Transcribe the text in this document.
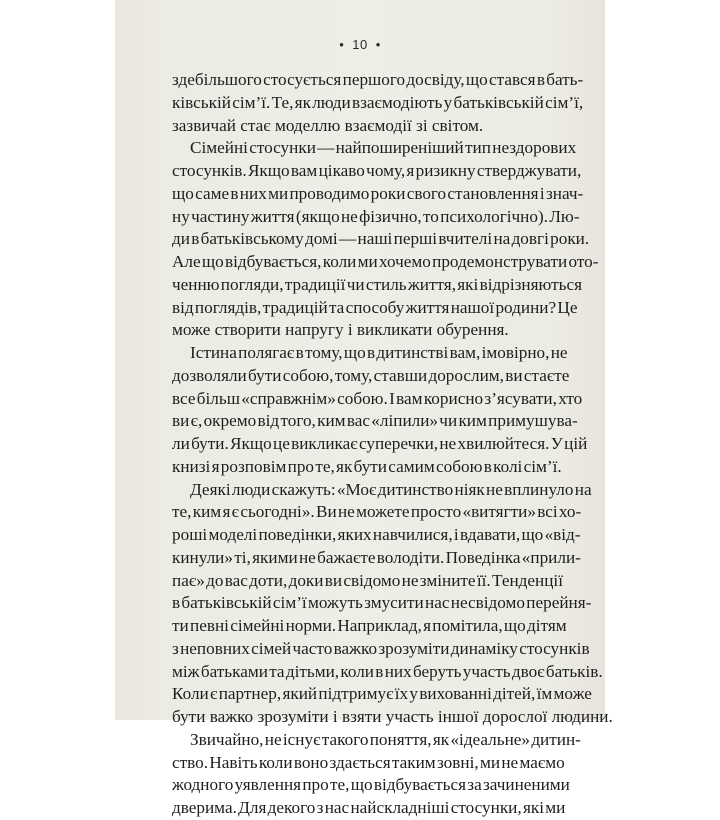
• 10 •
здебільшого стосується першого досвіду, що стався в бать-
ківській сім’ї. Те, як люди взаємодіють у батьківській сім’ї,
зазвичай стає моделлю взаємодії зі світом.
Сімейні стосунки — найпоширеніший тип нездорових
стосунків. Якщо вам цікаво чому, я ризикну стверджувати,
що саме в них ми проводимо роки свого становлення і знач-
ну частину життя (якщо не фізично, то психологічно). Лю-
ди в батьківському домі — наші перші вчителі на довгі роки.
Але що відбувається, коли ми хочемо продемонструвати ото-
ченню погляди, традиції чи стиль життя, які відрізняються
від поглядів, традицій та способу життя нашої родини? Це
може створити напругу і викликати обурення.
Істина полягає в тому, що в дитинстві вам, імовірно, не
дозволяли бути собою, тому, ставши дорослим, ви стаєте
все більш «справжнім» собою. І вам корисно з’ясувати, хто
ви є, окремо від того, ким вас «ліпили» чи ким примушува-
ли бути. Якщо це викликає суперечки, не хвилюйтеся. У цій
книзі я розповім про те, як бути самим собою в колі сім’ї.
Деякі люди скажуть: «Моє дитинство ніяк не вплинуло на
те, ким я є сьогодні». Ви не можете просто «витягти» всі хо-
роші моделі поведінки, яких навчилися, і вдавати, що «від-
кинули» ті, якими не бажаєте володіти. Поведінка «прили-
пає» до вас доти, доки ви свідомо не зміните її. Тенденції
в батьківській сім’ї можуть змусити нас несвідомо перейня-
ти певні сімейні норми. Наприклад, я помітила, що дітям
з неповних сімей часто важко зрозуміти динаміку стосунків
між батьками та дітьми, коли в них беруть участь двоє батьків.
Коли є партнер, який підтримує їх у вихованні дітей, їм може
бути важко зрозуміти і взяти участь іншої дорослої людини.
Звичайно, не існує такого поняття, як «ідеальне» дитин-
ство. Навіть коли воно здається таким зовні, ми не маємо
жодного уявлення про те, що відбувається за зачиненими
дверима. Для декого з нас найскладніші стосунки, які ми
